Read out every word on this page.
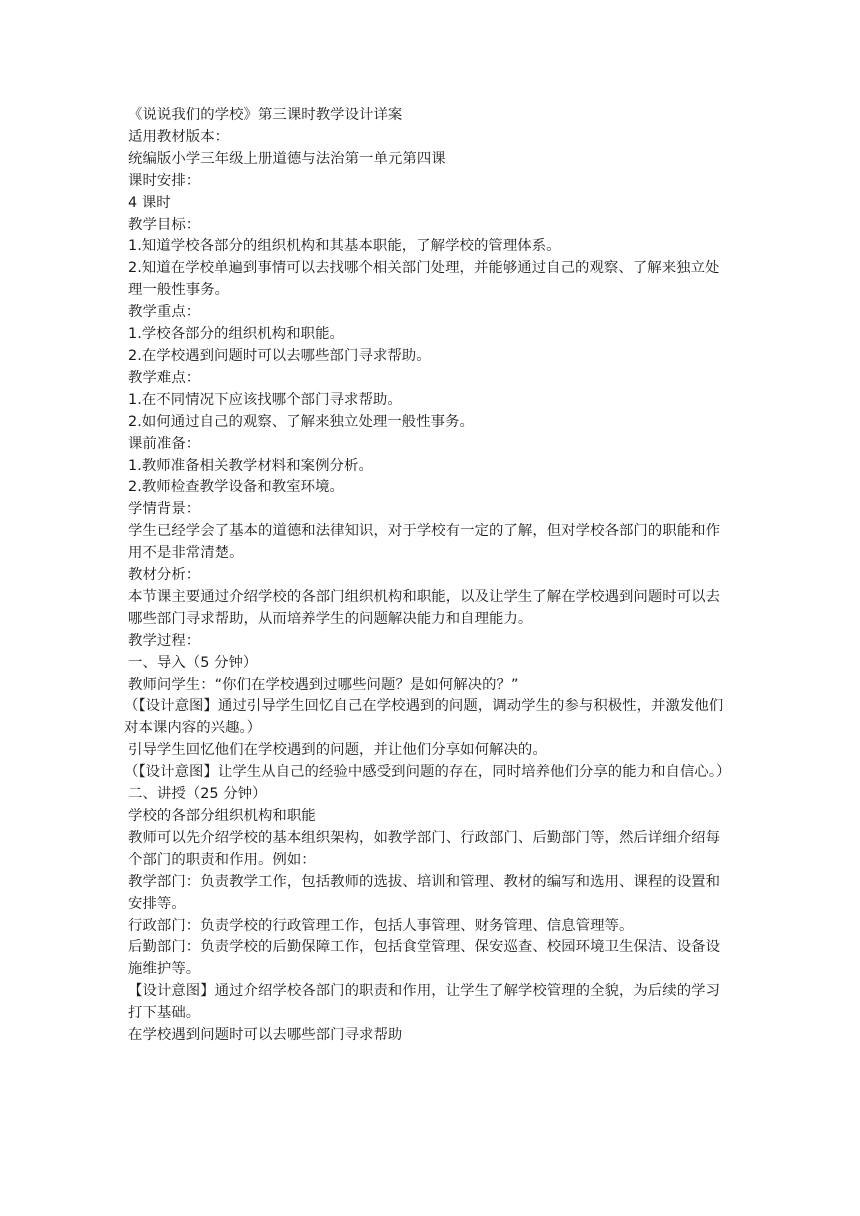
《说说我们的学校》第三课时教学设计详案

适用教材版本：

统编版小学三年级上册道德与法治第一单元第四课

课时安排：

4 课时

教学目标：

1.知道学校各部分的组织机构和其基本职能，了解学校的管理体系。

2.知道在学校单遍到事情可以去找哪个相关部门处理，并能够通过自己的观察、了解来独立处理一般性事务。

教学重点：

1.学校各部分的组织机构和职能。

2.在学校遇到问题时可以去哪些部门寻求帮助。

教学难点：

1.在不同情况下应该找哪个部门寻求帮助。

2.如何通过自己的观察、了解来独立处理一般性事务。

课前准备：

1.教师准备相关教学材料和案例分析。

2.教师检查教学设备和教室环境。

学情背景：

学生已经学会了基本的道德和法律知识，对于学校有一定的了解，但对学校各部门的职能和作用不是非常清楚。

教材分析：

本节课主要通过介绍学校的各部门组织机构和职能，以及让学生了解在学校遇到问题时可以去哪些部门寻求帮助，从而培养学生的问题解决能力和自理能力。

教学过程：

一、导入（5 分钟）

教师问学生：“你们在学校遇到过哪些问题？是如何解决的？”

（【设计意图】通过引导学生回忆自己在学校遇到的问题，调动学生的参与积极性，并激发他们对本课内容的兴趣。）

引导学生回忆他们在学校遇到的问题，并让他们分享如何解决的。

（【设计意图】让学生从自己的经验中感受到问题的存在，同时培养他们分享的能力和自信心。）

二、讲授（25 分钟）

学校的各部分组织机构和职能

教师可以先介绍学校的基本组织架构，如教学部门、行政部门、后勤部门等，然后详细介绍每个部门的职责和作用。例如：

教学部门：负责教学工作，包括教师的选拔、培训和管理、教材的编写和选用、课程的设置和安排等。

行政部门：负责学校的行政管理工作，包括人事管理、财务管理、信息管理等。

后勤部门：负责学校的后勤保障工作，包括食堂管理、保安巡查、校园环境卫生保洁、设备设施维护等。

【设计意图】通过介绍学校各部门的职责和作用，让学生了解学校管理的全貌，为后续的学习打下基础。

在学校遇到问题时可以去哪些部门寻求帮助
